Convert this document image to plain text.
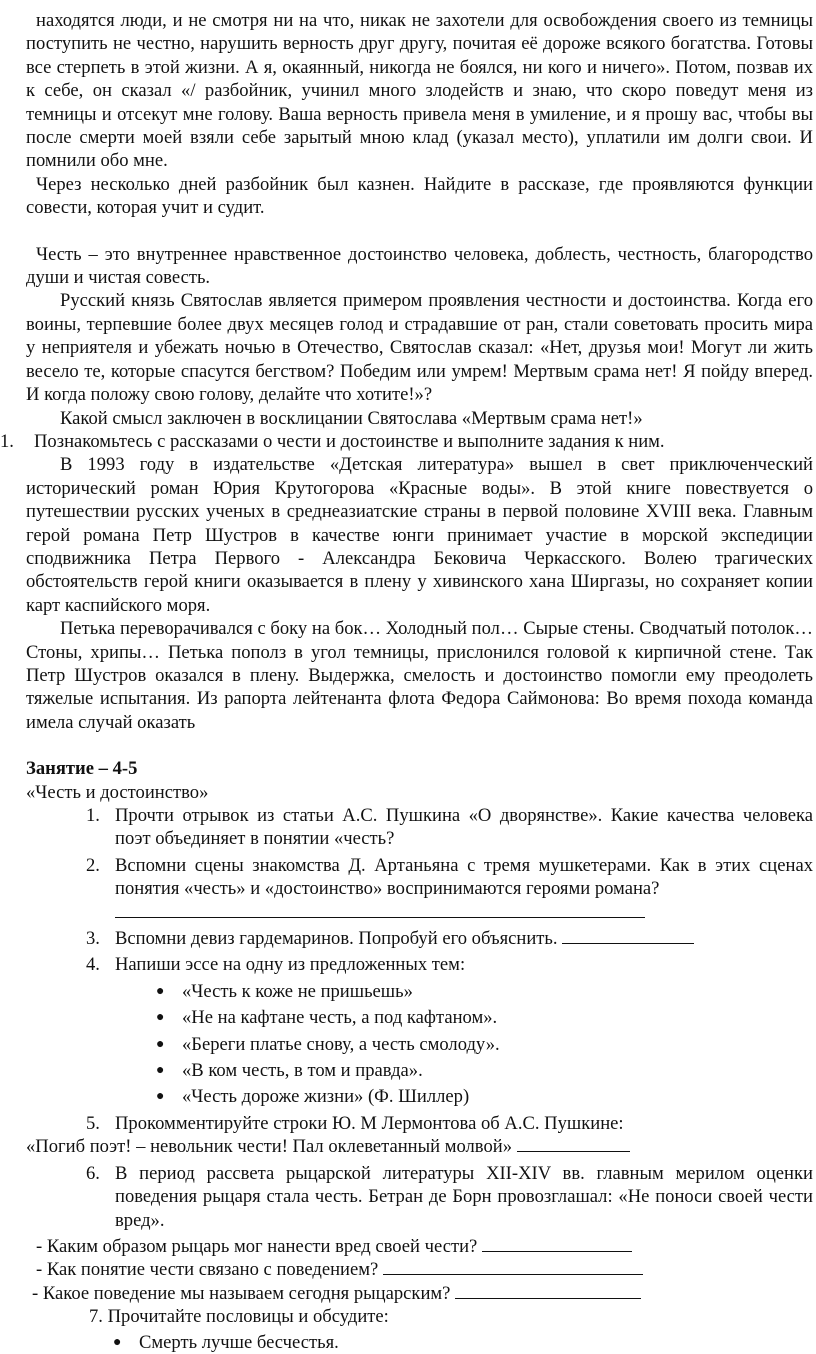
находятся люди, и не смотря ни на что, никак не захотели для освобождения своего из темницы поступить не честно, нарушить верность друг другу, почитая её дороже всякого богатства. Готовы все стерпеть в этой жизни. А я, окаянный, никогда не боялся, ни кого и ничего». Потом, позвав их к себе, он сказал «/ разбойник, учинил много злодейств и знаю, что скоро поведут меня из темницы и отсекут мне голову. Ваша верность привела меня в умиление, и я прошу вас, чтобы вы после смерти моей взяли себе зарытый мною клад (указал место), уплатили им долги свои. И помнили обо мне.

Через несколько дней разбойник был казнен. Найдите в рассказе, где проявляются функции совести, которая учит и судит.

Честь – это внутреннее нравственное достоинство человека, доблесть, честность, благородство души и чистая совесть.

Русский князь Святослав является примером проявления честности и достоинства. Когда его воины, терпевшие более двух месяцев голод и страдавшие от ран, стали советовать просить мира у неприятеля и убежать ночью в Отечество, Святослав сказал: «Нет, друзья мои! Могут ли жить весело те, которые спасутся бегством? Победим или умрем! Мертвым срама нет! Я пойду вперед. И когда положу свою голову, делайте что хотите!»?

Какой смысл заключен в восклицании Святослава «Мертвым срама нет!»

1.	Познакомьтесь с рассказами о чести и достоинстве и выполните задания к ним.

В 1993 году в издательстве «Детская литература» вышел в свет приключенческий исторический роман Юрия Крутогорова «Красные воды». В этой книге повествуется о путешествии русских ученых в среднеазиатские страны в первой половине XVIII века. Главным герой романа Петр Шустров в качестве юнги принимает участие в морской экспедиции сподвижника Петра Первого - Александра Бековича Черкасского. Волею трагических обстоятельств герой книги оказывается в плену у хивинского хана Ширгазы, но сохраняет копии карт каспийского моря.

Петька переворачивался с боку на бок… Холодный пол… Сырые стены. Сводчатый потолок… Стоны, хрипы… Петька пополз в угол темницы, прислонился головой к кирпичной стене. Так Петр Шустров оказался в плену. Выдержка, смелость и достоинство помогли ему преодолеть тяжелые испытания. Из рапорта лейтенанта флота Федора Саймонова: Во время похода команда имела случай оказать

Занятие – 4-5

«Честь и достоинство»

1. Прочти отрывок из статьи А.С. Пушкина «О дворянстве». Какие качества человека поэт объединяет в понятии «честь?
2. Вспомни сцены знакомства Д. Артаньяна с тремя мушкетерами. Как в этих сценах понятия «честь» и «достоинство» воспринимаются героями романа?

3. Вспомни девиз гардемаринов. Попробуй его объяснить.
4. Напиши эссе на одну из предложенных тем:
● «Честь к коже не пришьешь»
● «Не на кафтане честь, а под кафтаном».
● «Береги платье снову, а честь смолоду».
● «В ком честь, в том и правда».
● «Честь дороже жизни» (Ф. Шиллер)
5. Прокомментируйте строки Ю. М Лермонтова об А.С. Пушкине:

«Погиб поэт! – невольник чести! Пал оклеветанный молвой»

6. В период рассвета рыцарской литературы XII-XIV вв. главным мерилом оценки поведения рыцаря стала честь. Бетран де Борн провозглашал: «Не поноси своей чести вред».

- Каким образом рыцарь мог нанести вред своей чести?

- Как понятие чести связано с поведением?

- Какое поведение мы называем сегодня рыцарским?

7. Прочитайте пословицы и обсудите:

● Смерть лучше бесчестья.
